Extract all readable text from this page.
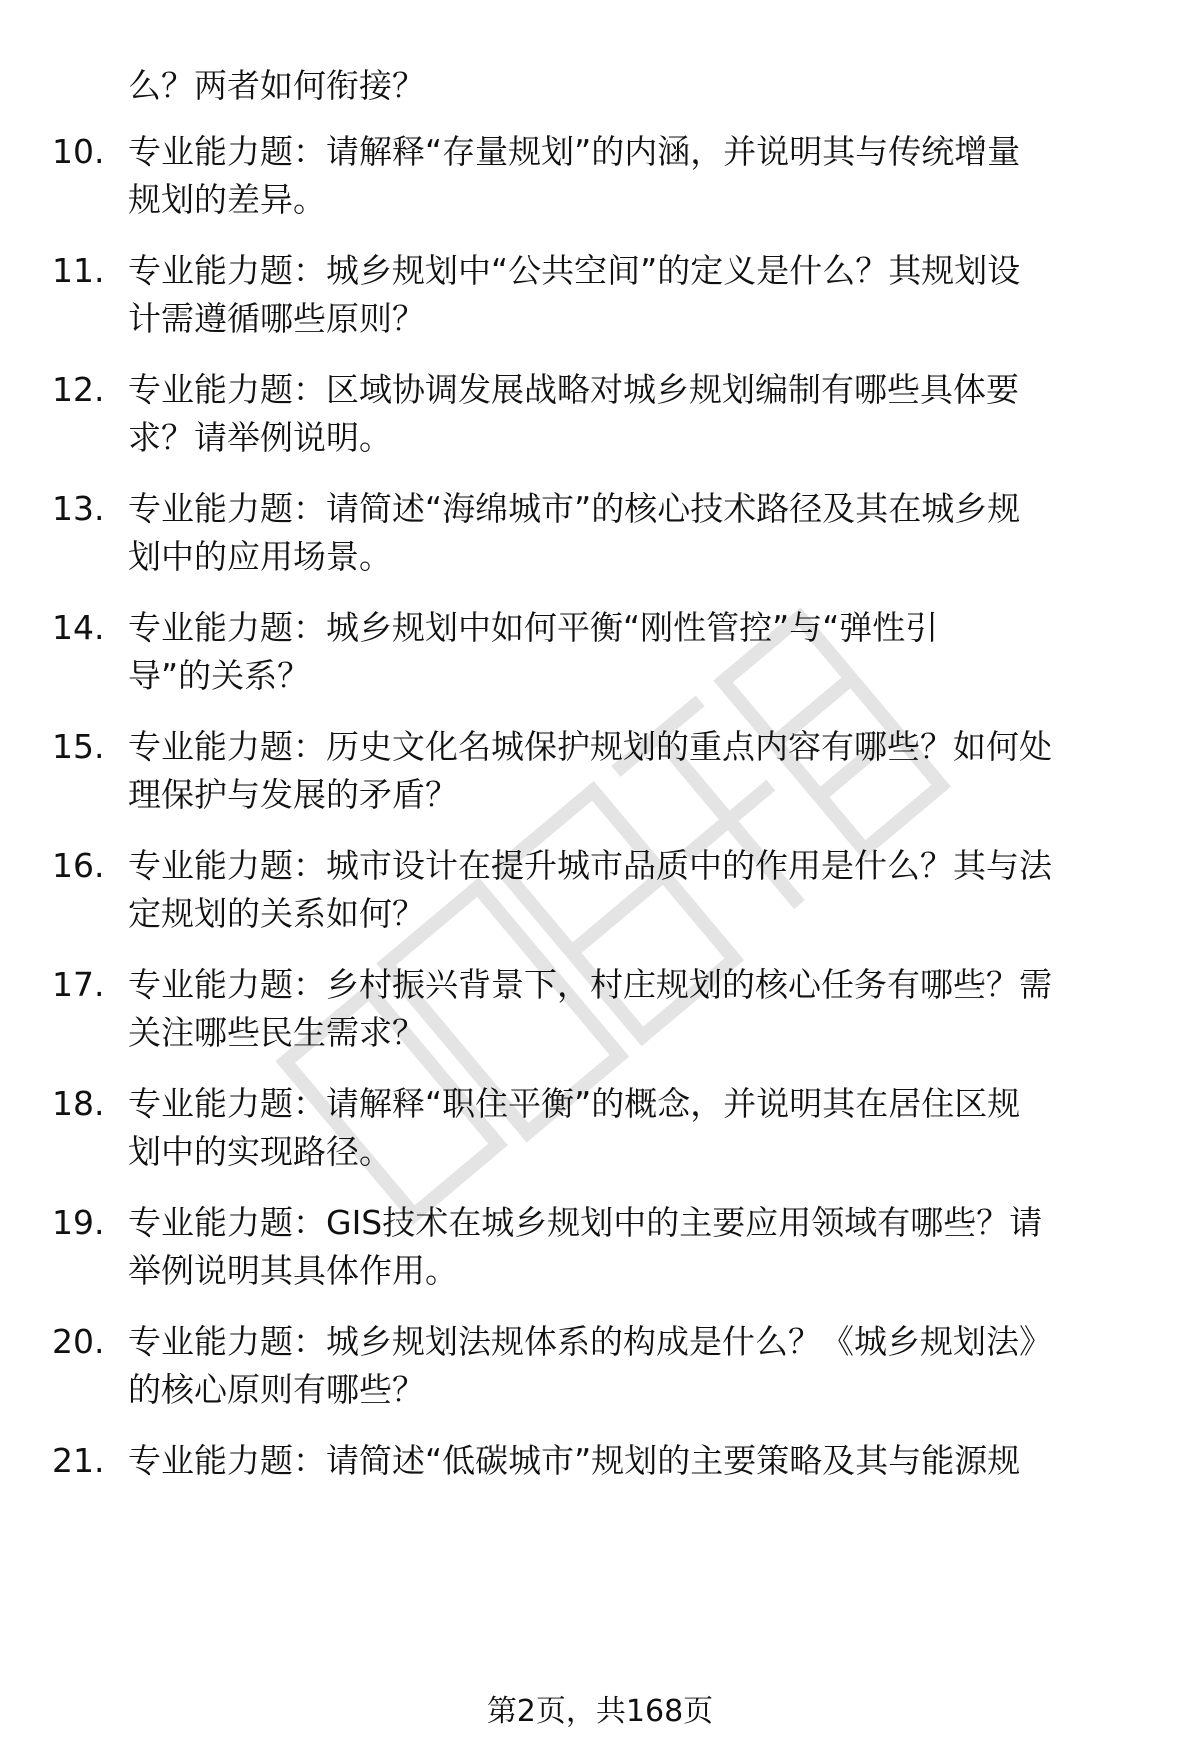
么？两者如何衔接？
10. 专业能力题：请解释“存量规划”的内涵，并说明其与传统增量
规划的差异。
11. 专业能力题：城乡规划中“公共空间”的定义是什么？其规划设
计需遵循哪些原则？
12. 专业能力题：区域协调发展战略对城乡规划编制有哪些具体要
求？请举例说明。
13. 专业能力题：请简述“海绵城市”的核心技术路径及其在城乡规
划中的应用场景。
14. 专业能力题：城乡规划中如何平衡“刚性管控”与“弹性引
导”的关系？
15. 专业能力题：历史文化名城保护规划的重点内容有哪些？如何处
理保护与发展的矛盾？
16. 专业能力题：城市设计在提升城市品质中的作用是什么？其与法
定规划的关系如何？
17. 专业能力题：乡村振兴背景下，村庄规划的核心任务有哪些？需
关注哪些民生需求？
18. 专业能力题：请解释“职住平衡”的概念，并说明其在居住区规
划中的实现路径。
19. 专业能力题：GIS技术在城乡规划中的主要应用领域有哪些？请
举例说明其具体作用。
20. 专业能力题：城乡规划法规体系的构成是什么？《城乡规划法》
的核心原则有哪些？
21. 专业能力题：请简述“低碳城市”规划的主要策略及其与能源规
第2页，共168页
